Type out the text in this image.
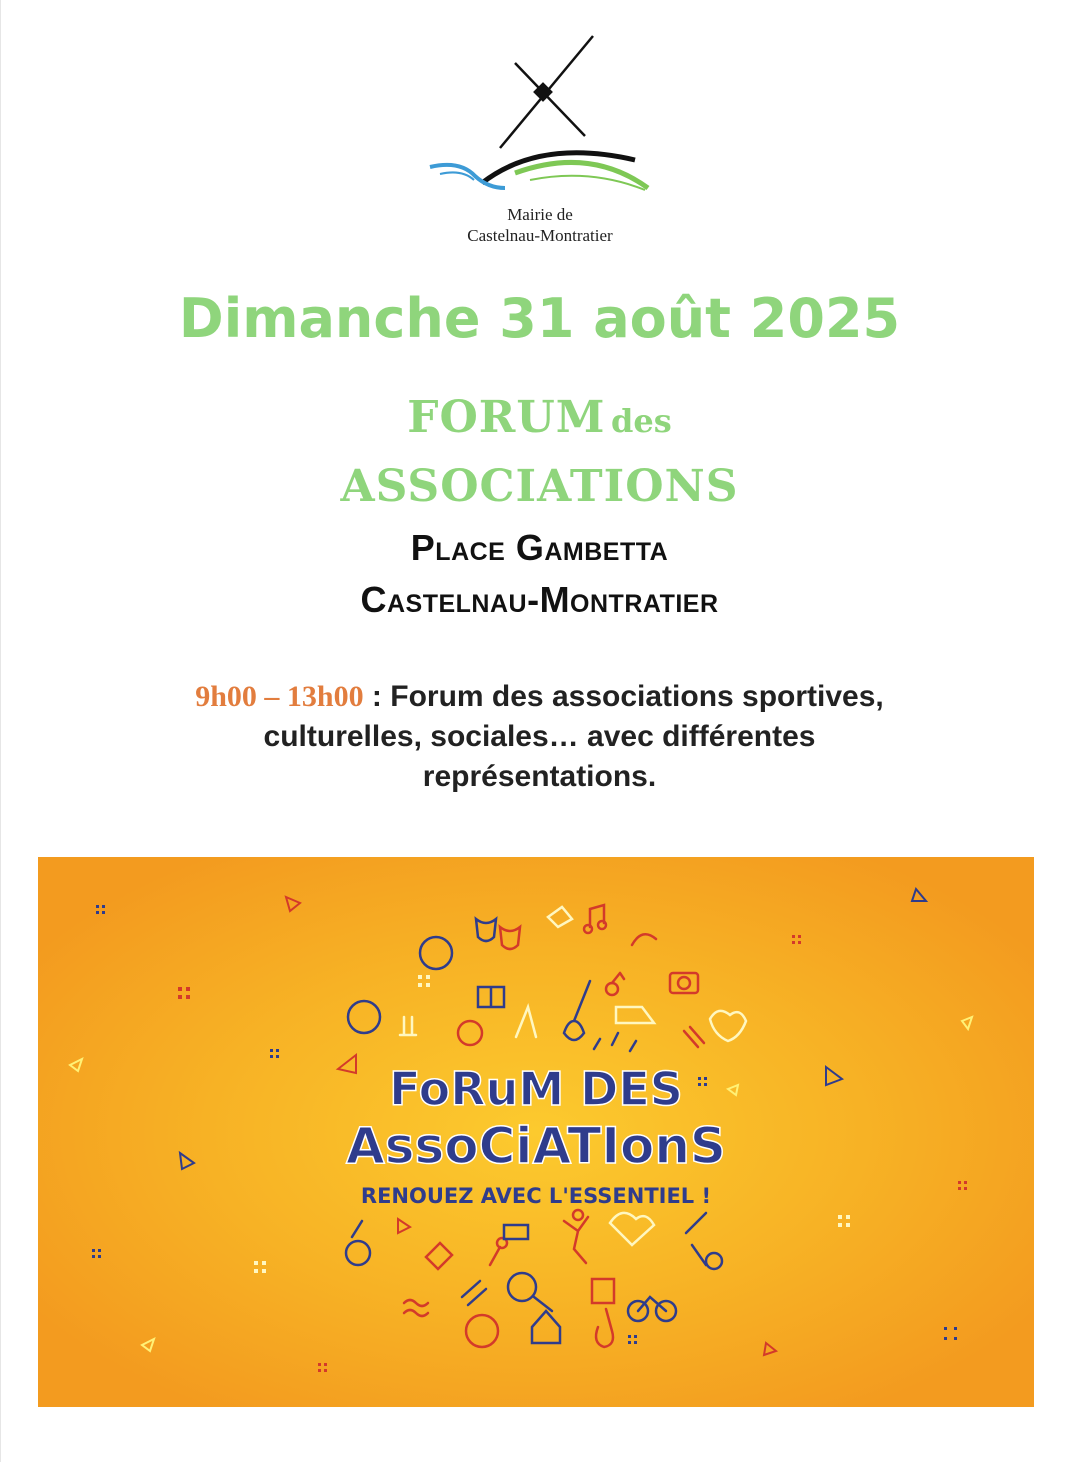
Mairie de
Castelnau-Montratier
Dimanche 31 août 2025
FORUM des
ASSOCIATIONS
Place Gambetta
Castelnau-Montratier
9h00 – 13h00 : Forum des associations sportives, culturelles, sociales… avec différentes représentations.
FoRuM DES
AssoCiATIonS
RENOUEZ AVEC L'ESSENTIEL !
